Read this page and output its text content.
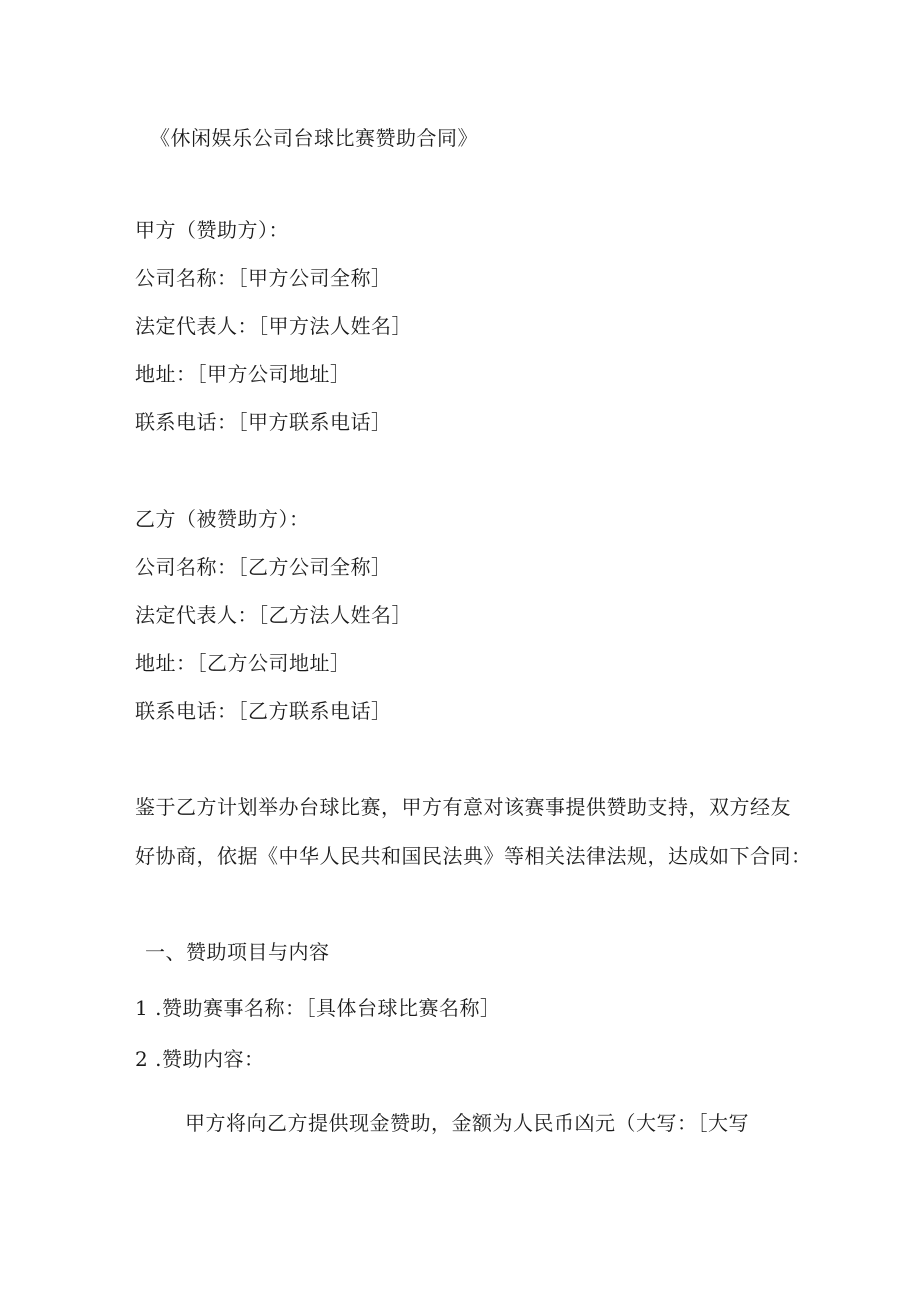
《休闲娱乐公司台球比赛赞助合同》
甲方（赞助方）：
公司名称：［甲方公司全称］
法定代表人：［甲方法人姓名］
地址：［甲方公司地址］
联系电话：［甲方联系电话］
乙方（被赞助方）：
公司名称：［乙方公司全称］
法定代表人：［乙方法人姓名］
地址：［乙方公司地址］
联系电话：［乙方联系电话］
鉴于乙方计划举办台球比赛，甲方有意对该赛事提供赞助支持，双方经友
好协商，依据《中华人民共和国民法典》等相关法律法规，达成如下合同：
一、赞助项目与内容
1 .赞助赛事名称：［具体台球比赛名称］
2 .赞助内容：
甲方将向乙方提供现金赞助，金额为人民币凶元（大写：［大写
